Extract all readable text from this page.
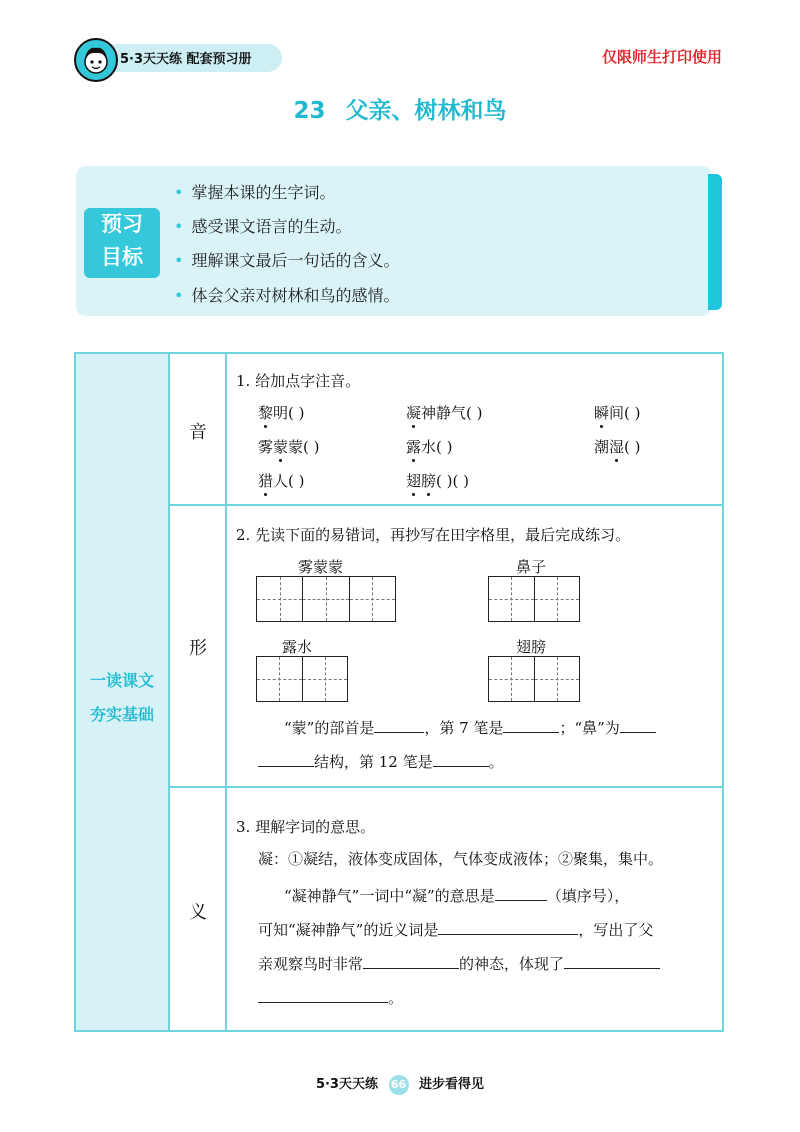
5·3天天练 配套预习册	仅限师生打印使用
23 父亲、树林和鸟
预习
目标
• 掌握本课的生字词。
• 感受课文语言的生动。
• 理解课文最后一句话的含义。
• 体会父亲对树林和鸟的感情。
一读课文
夯实基础
音
形
义
1. 给加点字注音。
黎明( )	凝神静气( )	瞬间( )
雾蒙蒙( )	露水( )	潮湿( )
猎人( )	翅膀( )( )
2. 先读下面的易错词，再抄写在田字格里，最后完成练习。
雾蒙蒙	鼻子
露水	翅膀
“蒙”的部首是	，第 7 笔是	；“鼻”为
结构，第 12 笔是	。
3. 理解字词的意思。
凝：①凝结，液体变成固体，气体变成液体；②聚集，集中。
“凝神静气”一词中“凝”的意思是	（填序号），
可知“凝神静气”的近义词是	，写出了父
亲观察鸟时非常	的神态，体现了
。
5·3天天练 66 进步看得见
